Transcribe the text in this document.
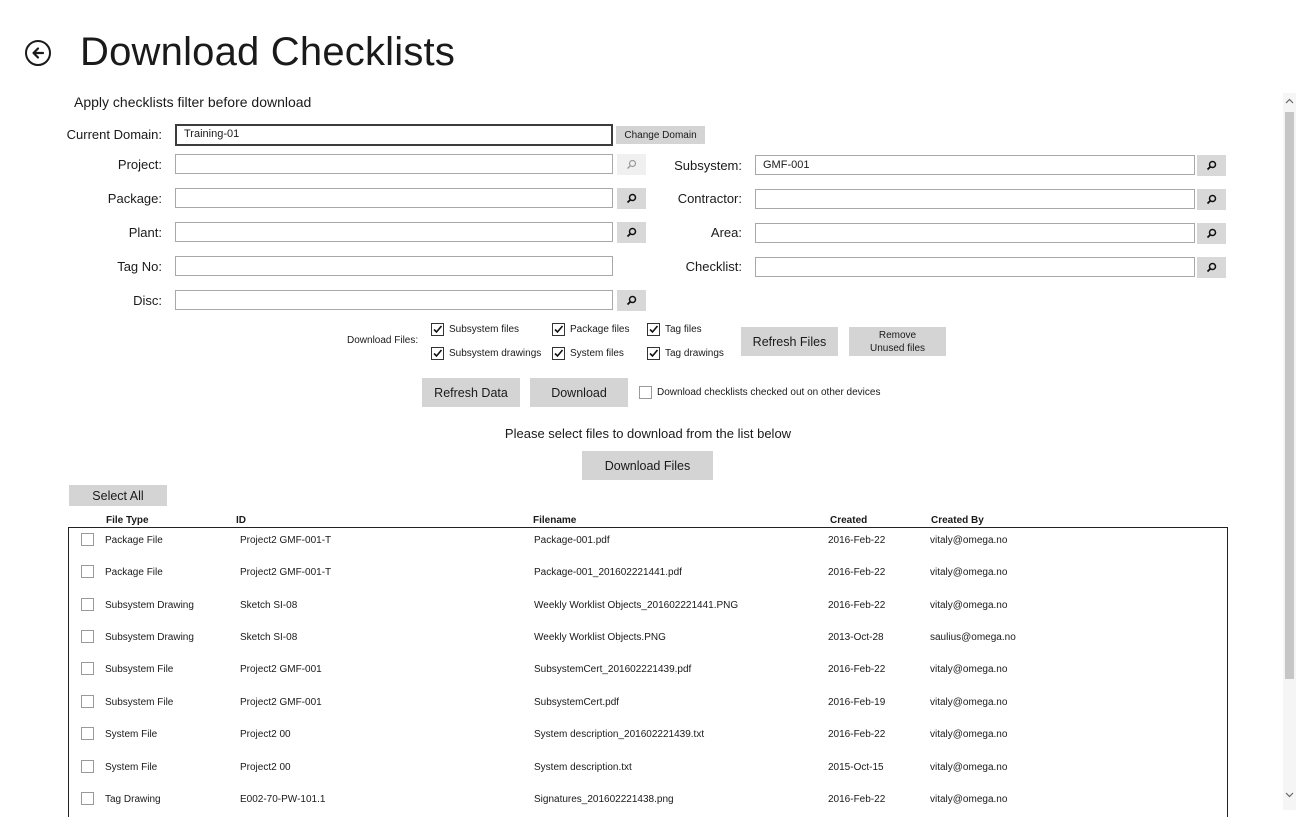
Download Checklists
Apply checklists filter before download
Current Domain:	Training-01	Change Domain
Project:
Package:
Plant:
Tag No:
Disc:
Subsystem:	GMF-001
Contractor:
Area:
Checklist:
Download Files:
Subsystem files	Package files	Tag files
Subsystem drawings	System files	Tag drawings
Refresh Files	Remove
Unused files
Refresh Data	Download	Download checklists checked out on other devices
Please select files to download from the list below
Download Files
Select All
File Type	ID	Filename	Created	Created By
Package File	Project2 GMF-001-T	Package-001.pdf	2016-Feb-22	vitaly@omega.no
Package File	Project2 GMF-001-T	Package-001_201602221441.pdf	2016-Feb-22	vitaly@omega.no
Subsystem Drawing	Sketch SI-08	Weekly Worklist Objects_201602221441.PNG	2016-Feb-22	vitaly@omega.no
Subsystem Drawing	Sketch SI-08	Weekly Worklist Objects.PNG	2013-Oct-28	saulius@omega.no
Subsystem File	Project2 GMF-001	SubsystemCert_201602221439.pdf	2016-Feb-22	vitaly@omega.no
Subsystem File	Project2 GMF-001	SubsystemCert.pdf	2016-Feb-19	vitaly@omega.no
System File	Project2 00	System description_201602221439.txt	2016-Feb-22	vitaly@omega.no
System File	Project2 00	System description.txt	2015-Oct-15	vitaly@omega.no
Tag Drawing	E002-70-PW-101.1	Signatures_201602221438.png	2016-Feb-22	vitaly@omega.no
